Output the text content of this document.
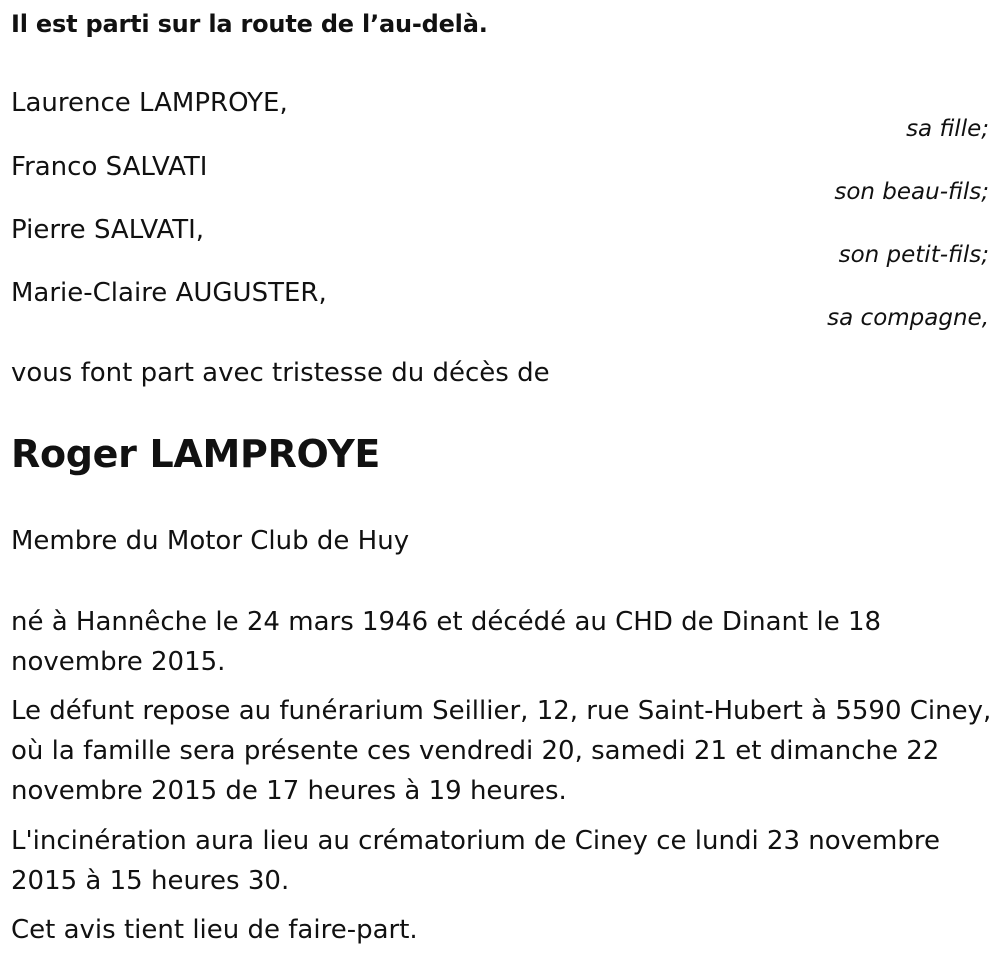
Il est parti sur la route de l’au-delà.
Laurence LAMPROYE,
sa fille;
Franco SALVATI
son beau-fils;
Pierre SALVATI,
son petit-fils;
Marie-Claire AUGUSTER,
sa compagne,
vous font part avec tristesse du décès de
Roger LAMPROYE
Membre du Motor Club de Huy

né à Hannêche le 24 mars 1946 et décédé au CHD de Dinant le 18 novembre 2015.

Le défunt repose au funérarium Seillier, 12, rue Saint-Hubert à 5590 Ciney, où la famille sera présente ces vendredi 20, samedi 21 et dimanche 22 novembre 2015 de 17 heures à 19 heures.

L'incinération aura lieu au crématorium de Ciney ce lundi 23 novembre 2015 à 15 heures 30.

Cet avis tient lieu de faire-part.
